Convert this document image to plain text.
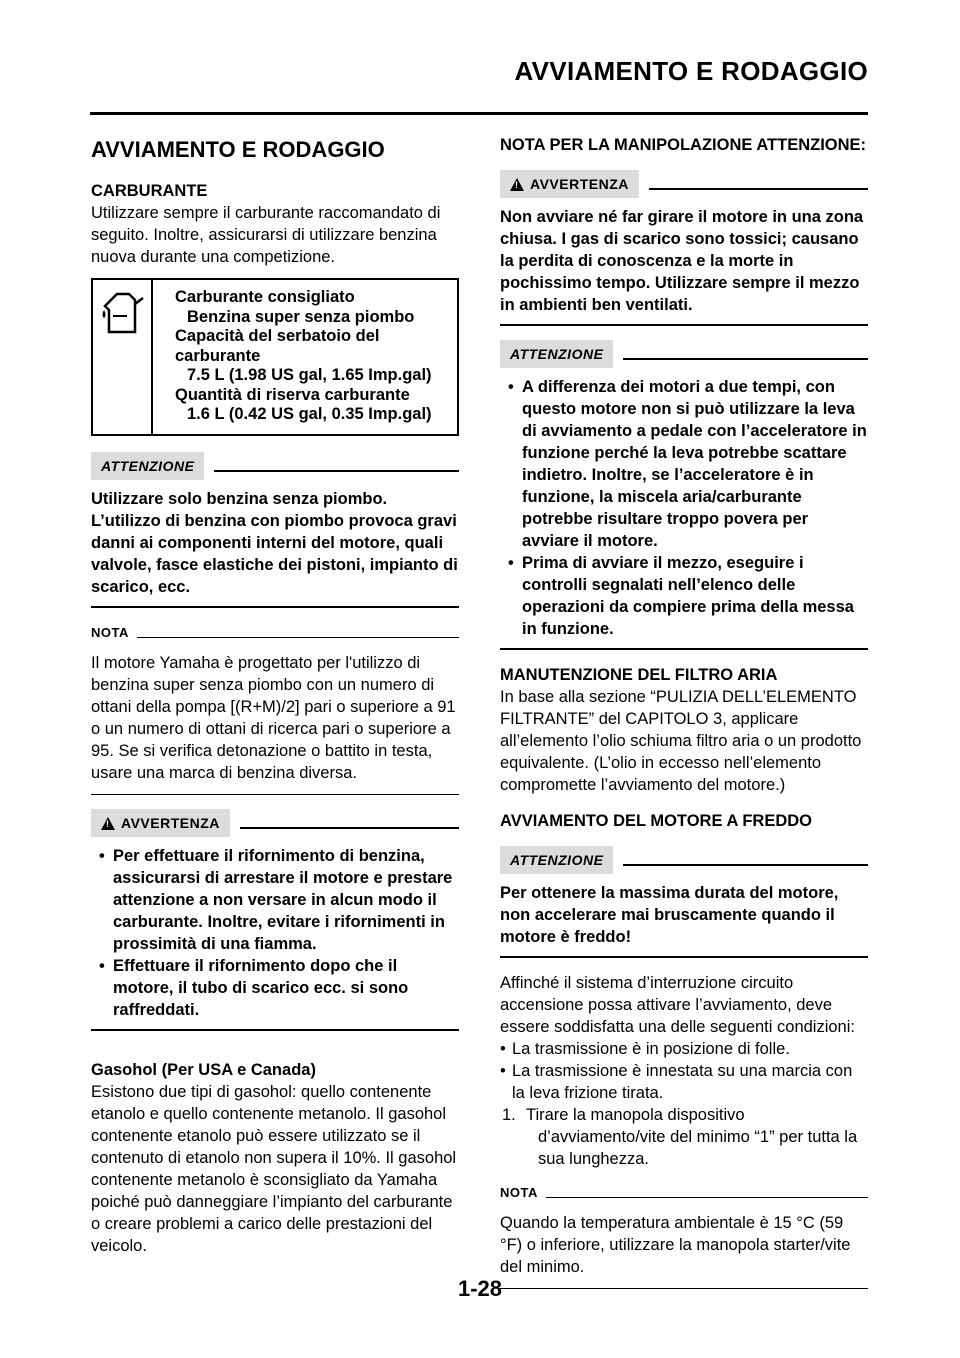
AVVIAMENTO E RODAGGIO
AVVIAMENTO E RODAGGIO

CARBURANTE

Utilizzare sempre il carburante raccomandato di seguito. Inoltre, assicurarsi di utilizzare benzina nuova durante una competizione.

Carburante consigliato
Benzina super senza piombo
Capacità del serbatoio del carburante
7.5 L (1.98 US gal, 1.65 Imp.gal)
Quantità di riserva carburante
1.6 L (0.42 US gal, 0.35 Imp.gal)
ATTENZIONE

Utilizzare solo benzina senza piombo. L’utilizzo di benzina con piombo provoca gravi danni ai componenti interni del motore, quali valvole, fasce elastiche dei pistoni, impianto di scarico, ecc.

NOTA

Il motore Yamaha è progettato per l'utilizzo di benzina super senza piombo con un numero di ottani della pompa [(R+M)/2] pari o superiore a 91 o un numero di ottani di ricerca pari o superiore a 95. Se si verifica detonazione o battito in testa, usare una marca di benzina diversa.

! AVVERTENZA
• Per effettuare il rifornimento di benzina, assicurarsi di arrestare il motore e prestare attenzione a non versare in alcun modo il carburante. Inoltre, evitare i rifornimenti in prossimità di una fiamma.
• Effettuare il rifornimento dopo che il motore, il tubo di scarico ecc. si sono raffreddati.

Gasohol (Per USA e Canada)

Esistono due tipi di gasohol: quello contenente etanolo e quello contenente metanolo. Il gasohol contenente etanolo può essere utilizzato se il contenuto di etanolo non supera il 10%. Il gasohol contenente metanolo è sconsigliato da Yamaha poiché può danneggiare l’impianto del carburante o creare problemi a carico delle prestazioni del veicolo.

NOTA PER LA MANIPOLAZIONE ATTENZIONE:

! AVVERTENZA

Non avviare né far girare il motore in una zona chiusa. I gas di scarico sono tossici; causano la perdita di conoscenza e la morte in pochissimo tempo. Utilizzare sempre il mezzo in ambienti ben ventilati.

ATTENZIONE
• A differenza dei motori a due tempi, con questo motore non si può utilizzare la leva di avviamento a pedale con l’acceleratore in funzione perché la leva potrebbe scattare indietro. Inoltre, se l’acceleratore è in funzione, la miscela aria/carburante potrebbe risultare troppo povera per avviare il motore.
• Prima di avviare il mezzo, eseguire i controlli segnalati nell’elenco delle operazioni da compiere prima della messa in funzione.

MANUTENZIONE DEL FILTRO ARIA

In base alla sezione “PULIZIA DELL’ELEMENTO FILTRANTE” del CAPITOLO 3, applicare all’elemento l’olio schiuma filtro aria o un prodotto equivalente. (L’olio in eccesso nell’elemento compromette l’avviamento del motore.)

AVVIAMENTO DEL MOTORE A FREDDO

ATTENZIONE

Per ottenere la massima durata del motore, non accelerare mai bruscamente quando il motore è freddo!

Affinché il sistema d’interruzione circuito accensione possa attivare l’avviamento, deve essere soddisfatta una delle seguenti condizioni:

• La trasmissione è in posizione di folle.
• La trasmissione è innestata su una marcia con la leva frizione tirata.
1. Tirare la manopola dispositivo d’avviamento/vite del minimo “1” per tutta la sua lunghezza.
NOTA

Quando la temperatura ambientale è 15 °C (59 °F) o inferiore, utilizzare la manopola starter/vite del minimo.

1-28
